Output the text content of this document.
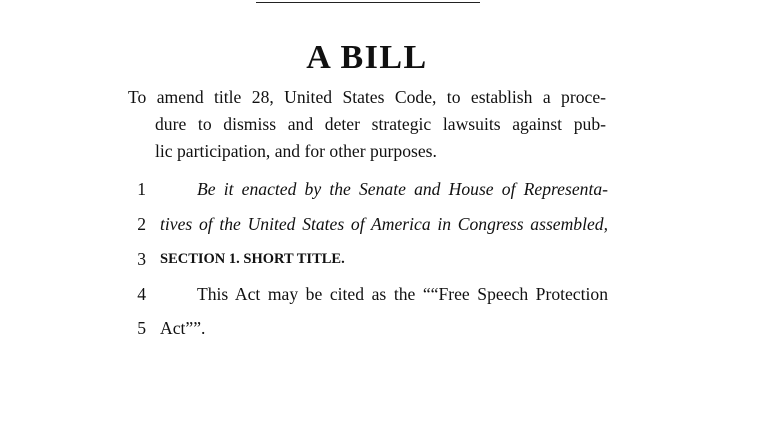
A BILL
To amend title 28, United States Code, to establish a proce-
dure to dismiss and deter strategic lawsuits against pub-
lic participation, and for other purposes.
1	Be it enacted by the Senate and House of Representa-
2 tives of the United States of America in Congress assembled,
3 SECTION 1. SHORT TITLE.
4	This Act may be cited as the ““Free Speech Protection
5 Act””.
